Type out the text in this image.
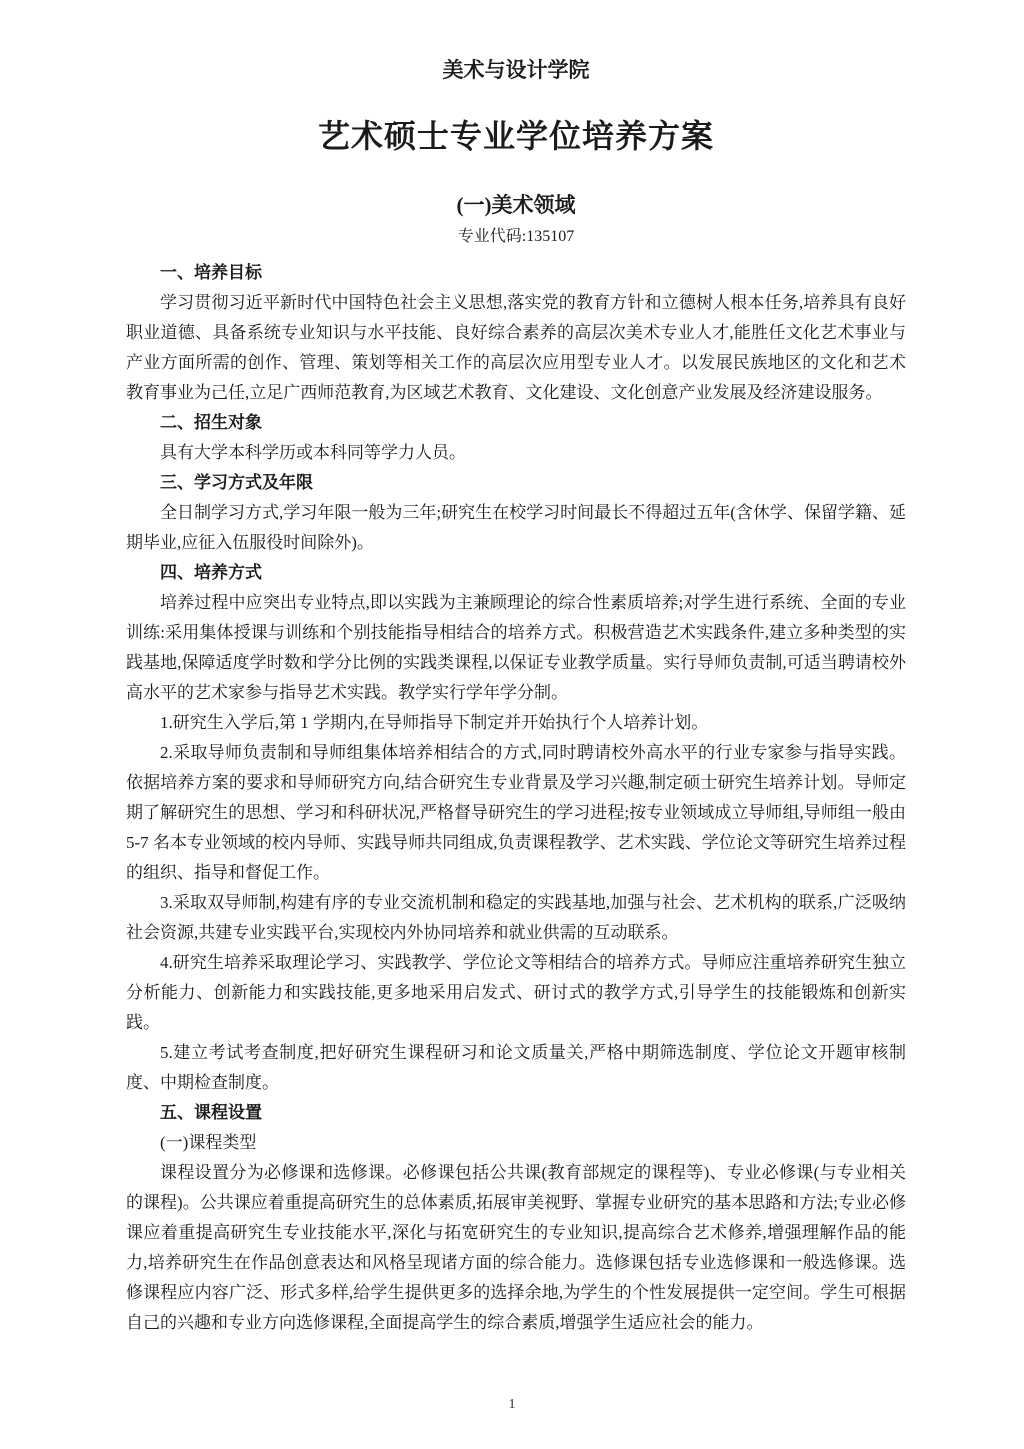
美术与设计学院
艺术硕士专业学位培养方案
(一)美术领域
专业代码:135107

一、培养目标

学习贯彻习近平新时代中国特色社会主义思想,落实党的教育方针和立德树人根本任务,培养具有良好职业道德、具备系统专业知识与水平技能、良好综合素养的高层次美术专业人才,能胜任文化艺术事业与产业方面所需的创作、管理、策划等相关工作的高层次应用型专业人才。以发展民族地区的文化和艺术教育事业为己任,立足广西师范教育,为区域艺术教育、文化建设、文化创意产业发展及经济建设服务。

二、招生对象

具有大学本科学历或本科同等学力人员。

三、学习方式及年限

全日制学习方式,学习年限一般为三年;研究生在校学习时间最长不得超过五年(含休学、保留学籍、延期毕业,应征入伍服役时间除外)。

四、培养方式

培养过程中应突出专业特点,即以实践为主兼顾理论的综合性素质培养;对学生进行系统、全面的专业训练:采用集体授课与训练和个别技能指导相结合的培养方式。积极营造艺术实践条件,建立多种类型的实践基地,保障适度学时数和学分比例的实践类课程,以保证专业教学质量。实行导师负责制,可适当聘请校外高水平的艺术家参与指导艺术实践。教学实行学年学分制。

1.研究生入学后,第 1 学期内,在导师指导下制定并开始执行个人培养计划。

2.采取导师负责制和导师组集体培养相结合的方式,同时聘请校外高水平的行业专家参与指导实践。依据培养方案的要求和导师研究方向,结合研究生专业背景及学习兴趣,制定硕士研究生培养计划。导师定期了解研究生的思想、学习和科研状况,严格督导研究生的学习进程;按专业领域成立导师组,导师组一般由 5-7 名本专业领域的校内导师、实践导师共同组成,负责课程教学、艺术实践、学位论文等研究生培养过程的组织、指导和督促工作。

3.采取双导师制,构建有序的专业交流机制和稳定的实践基地,加强与社会、艺术机构的联系,广泛吸纳社会资源,共建专业实践平台,实现校内外协同培养和就业供需的互动联系。

4.研究生培养采取理论学习、实践教学、学位论文等相结合的培养方式。导师应注重培养研究生独立分析能力、创新能力和实践技能,更多地采用启发式、研讨式的教学方式,引导学生的技能锻炼和创新实践。

5.建立考试考查制度,把好研究生课程研习和论文质量关,严格中期筛选制度、学位论文开题审核制度、中期检查制度。

五、课程设置

(一)课程类型

课程设置分为必修课和选修课。必修课包括公共课(教育部规定的课程等)、专业必修课(与专业相关的课程)。公共课应着重提高研究生的总体素质,拓展审美视野、掌握专业研究的基本思路和方法;专业必修课应着重提高研究生专业技能水平,深化与拓宽研究生的专业知识,提高综合艺术修养,增强理解作品的能力,培养研究生在作品创意表达和风格呈现诸方面的综合能力。选修课包括专业选修课和一般选修课。选修课程应内容广泛、形式多样,给学生提供更多的选择余地,为学生的个性发展提供一定空间。学生可根据自己的兴趣和专业方向选修课程,全面提高学生的综合素质,增强学生适应社会的能力。

1
